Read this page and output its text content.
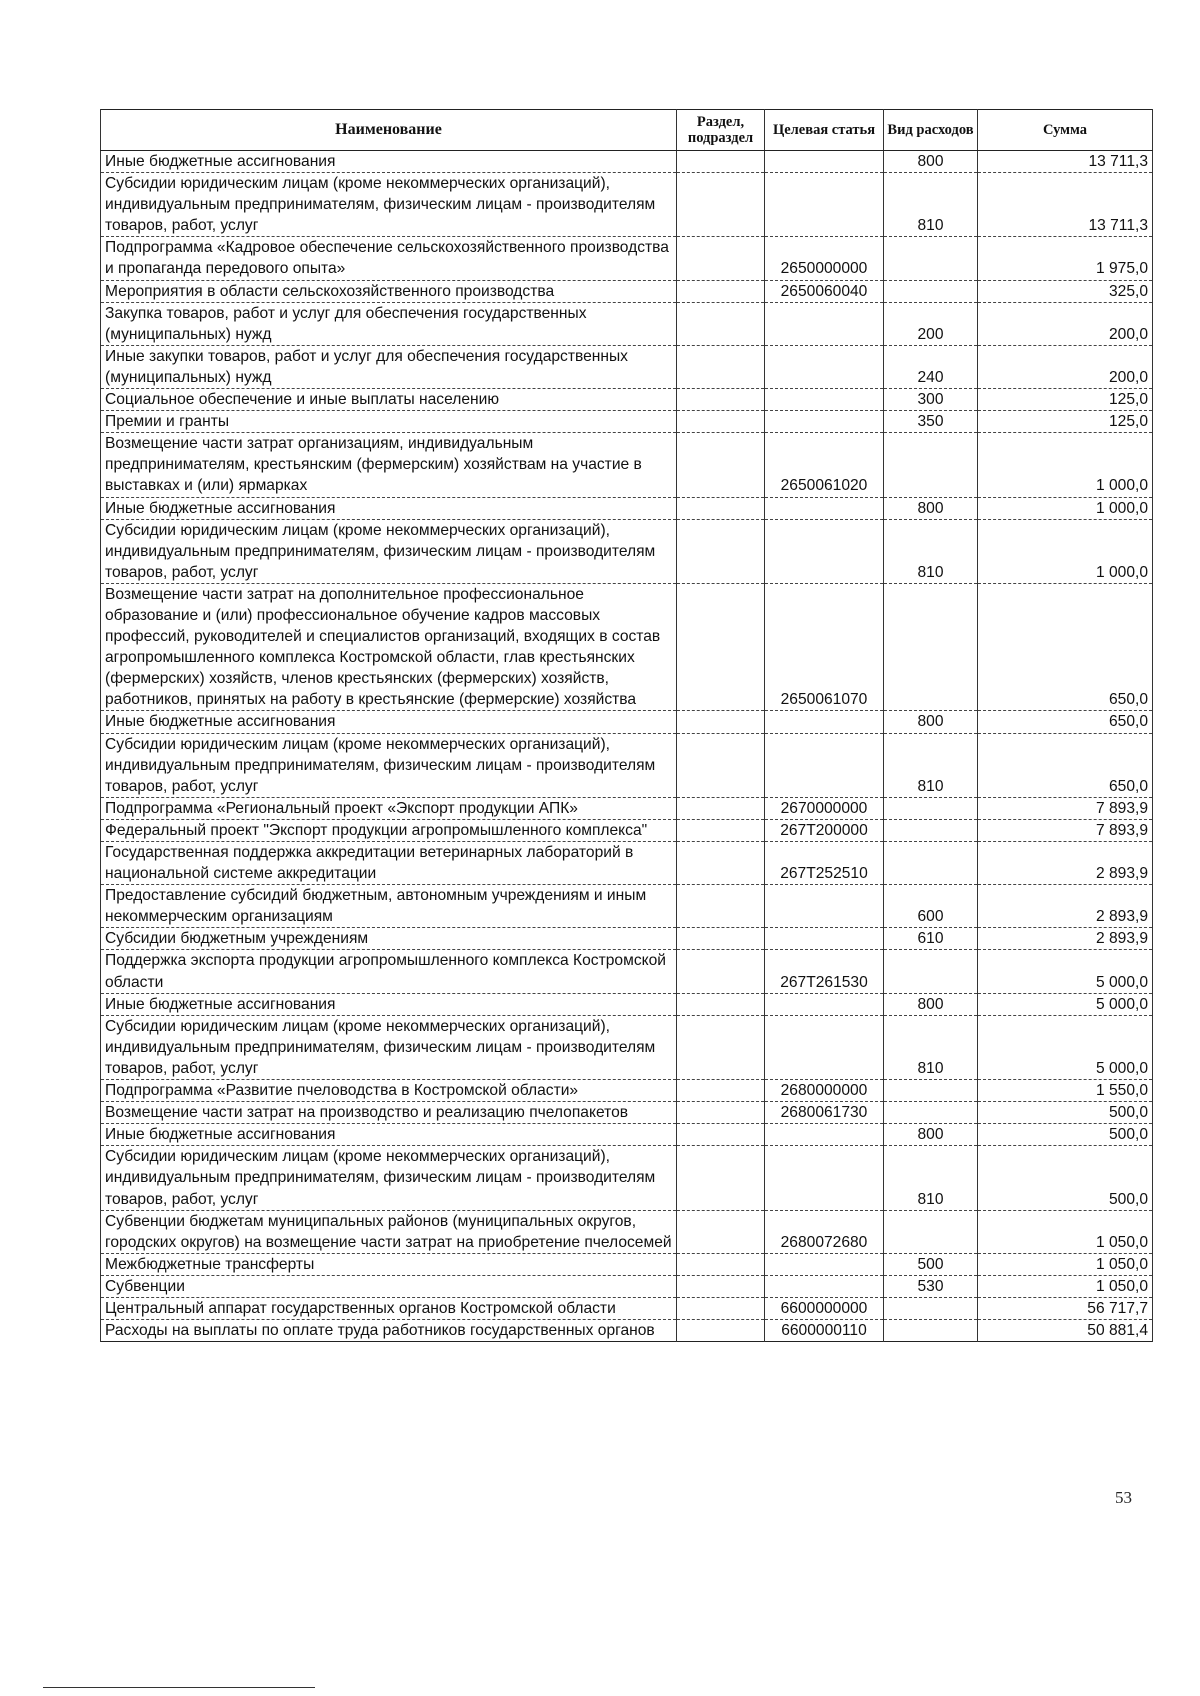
Наименование	Раздел, подраздел	Целевая статья	Вид расходов	Сумма
Иные бюджетные ассигнования			800	13 711,3
Субсидии юридическим лицам (кроме некоммерческих организаций), индивидуальным предпринимателям, физическим лицам - производителям товаров, работ, услуг			810	13 711,3
Подпрограмма «Кадровое обеспечение сельскохозяйственного производства и пропаганда передового опыта»		2650000000		1 975,0
Мероприятия в области сельскохозяйственного производства		2650060040		325,0
Закупка товаров, работ и услуг для обеспечения государственных (муниципальных) нужд			200	200,0
Иные закупки товаров, работ и услуг для обеспечения государственных (муниципальных) нужд			240	200,0
Социальное обеспечение и иные выплаты населению			300	125,0
Премии и гранты			350	125,0
Возмещение части затрат организациям, индивидуальным предпринимателям, крестьянским (фермерским) хозяйствам на участие в выставках и (или) ярмарках		2650061020		1 000,0
Иные бюджетные ассигнования			800	1 000,0
Субсидии юридическим лицам (кроме некоммерческих организаций), индивидуальным предпринимателям, физическим лицам - производителям товаров, работ, услуг			810	1 000,0
Возмещение части затрат на дополнительное профессиональное образование и (или) профессиональное обучение кадров массовых профессий, руководителей и специалистов организаций, входящих в состав агропромышленного комплекса Костромской области, глав крестьянских (фермерских) хозяйств, членов крестьянских (фермерских) хозяйств, работников, принятых на работу в крестьянские (фермерские) хозяйства		2650061070		650,0
Иные бюджетные ассигнования			800	650,0
Субсидии юридическим лицам (кроме некоммерческих организаций), индивидуальным предпринимателям, физическим лицам - производителям товаров, работ, услуг			810	650,0
Подпрограмма «Региональный проект «Экспорт продукции АПК»		2670000000		7 893,9
Федеральный проект "Экспорт продукции агропромышленного комплекса"		267T200000		7 893,9
Государственная поддержка аккредитации ветеринарных лабораторий в национальной системе аккредитации		267T252510		2 893,9
Предоставление субсидий бюджетным, автономным учреждениям и иным некоммерческим организациям			600	2 893,9
Субсидии бюджетным учреждениям			610	2 893,9
Поддержка экспорта продукции агропромышленного комплекса Костромской области		267T261530		5 000,0
Иные бюджетные ассигнования			800	5 000,0
Субсидии юридическим лицам (кроме некоммерческих организаций), индивидуальным предпринимателям, физическим лицам - производителям товаров, работ, услуг			810	5 000,0
Подпрограмма «Развитие пчеловодства в Костромской области»		2680000000		1 550,0
Возмещение части затрат на производство и реализацию пчелопакетов		2680061730		500,0
Иные бюджетные ассигнования			800	500,0
Субсидии юридическим лицам (кроме некоммерческих организаций), индивидуальным предпринимателям, физическим лицам - производителям товаров, работ, услуг			810	500,0
Субвенции бюджетам муниципальных районов (муниципальных округов, городских округов) на возмещение части затрат на приобретение пчелосемей		2680072680		1 050,0
Межбюджетные трансферты			500	1 050,0
Субвенции			530	1 050,0
Центральный аппарат государственных органов Костромской области		6600000000		56 717,7
Расходы на выплаты по оплате труда работников государственных органов		6600000110		50 881,4
53
